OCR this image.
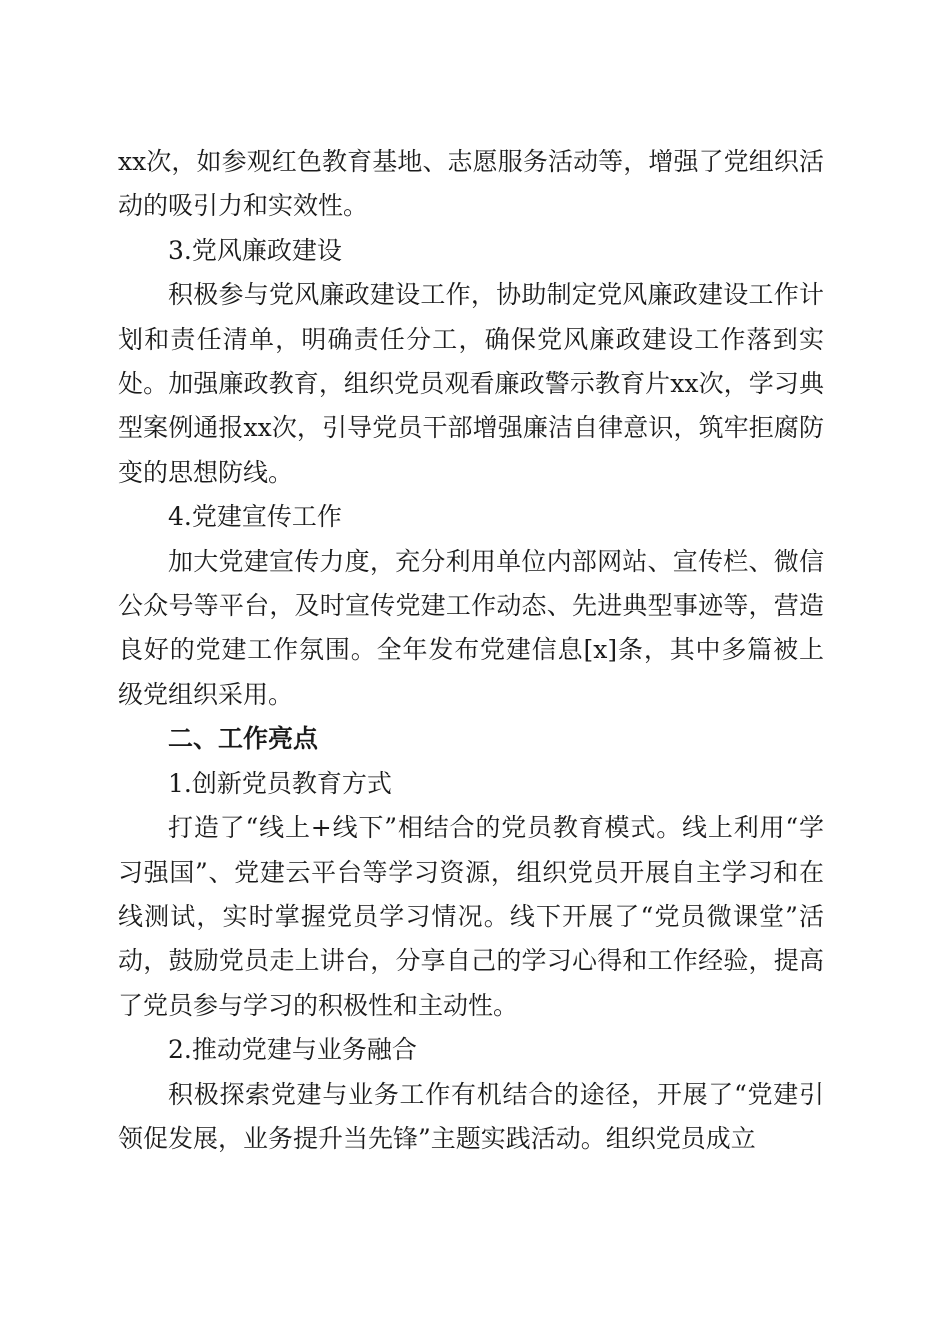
xx次，如参观红色教育基地、志愿服务活动等，增强了党组织活动的吸引力和实效性。

3.党风廉政建设

积极参与党风廉政建设工作，协助制定党风廉政建设工作计划和责任清单，明确责任分工，确保党风廉政建设工作落到实处。加强廉政教育，组织党员观看廉政警示教育片xx次，学习典型案例通报xx次，引导党员干部增强廉洁自律意识，筑牢拒腐防变的思想防线。

4.党建宣传工作

加大党建宣传力度，充分利用单位内部网站、宣传栏、微信公众号等平台，及时宣传党建工作动态、先进典型事迹等，营造良好的党建工作氛围。全年发布党建信息[x]条，其中多篇被上级党组织采用。

二、工作亮点

1.创新党员教育方式

打造了“线上+线下”相结合的党员教育模式。线上利用“学习强国”、党建云平台等学习资源，组织党员开展自主学习和在线测试，实时掌握党员学习情况。线下开展了“党员微课堂”活动，鼓励党员走上讲台，分享自己的学习心得和工作经验，提高了党员参与学习的积极性和主动性。

2.推动党建与业务融合

积极探索党建与业务工作有机结合的途径，开展了“党建引领促发展，业务提升当先锋”主题实践活动。组织党员成立
